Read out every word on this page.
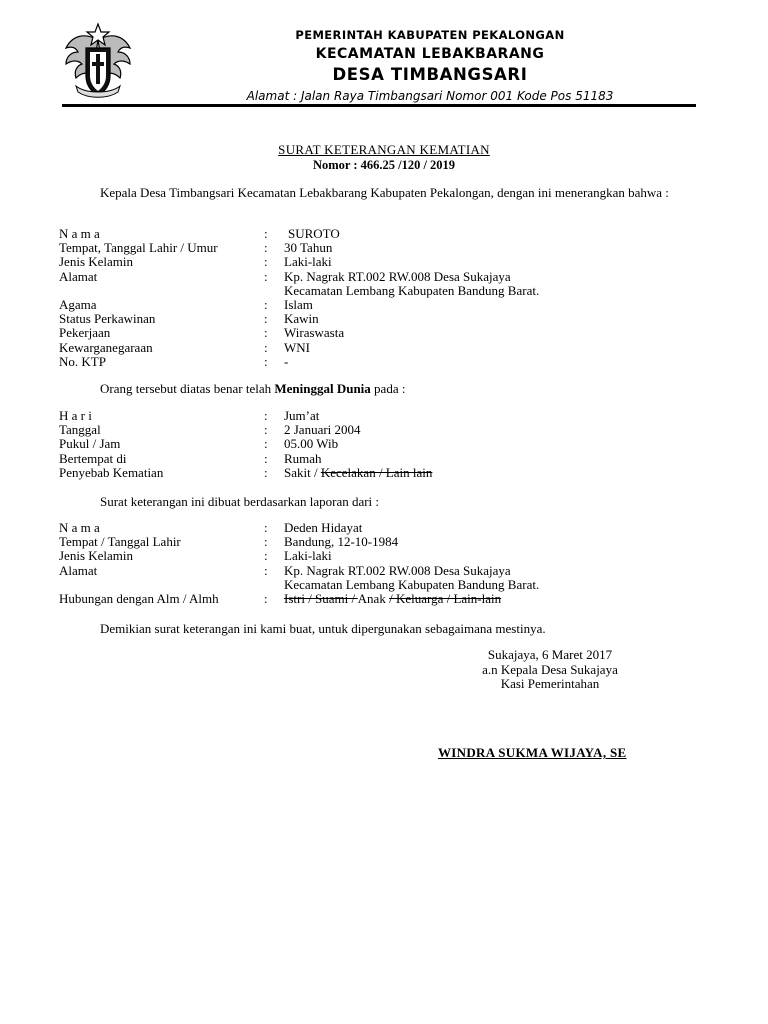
PEMERINTAH KABUPATEN PEKALONGAN
KECAMATAN LEBAKBARANG
DESA TIMBANGSARI
Alamat : Jalan Raya Timbangsari Nomor 001 Kode Pos 51183
SURAT KETERANGAN KEMATIAN
Nomor : 466.25 /120 / 2019
Kepala Desa Timbangsari Kecamatan Lebakbarang Kabupaten Pekalongan, dengan ini menerangkan bahwa :
N a m a	:	SUROTO
Tempat, Tanggal Lahir / Umur	:	30 Tahun
Jenis Kelamin	:	Laki-laki
Alamat	:	Kp. Nagrak RT.002 RW.008 Desa Sukajaya
Kecamatan Lembang Kabupaten Bandung Barat.

Agama	:	Islam
Status Perkawinan	:	Kawin
Pekerjaan	:	Wiraswasta
Kewarganegaraan	:	WNI
No. KTP	:	-
Orang tersebut diatas benar telah Meninggal Dunia pada :
H a r i	:	Jum’at
Tanggal	:	2 Januari 2004
Pukul / Jam	:	05.00 Wib
Bertempat di	:	Rumah
Penyebab Kematian	:	Sakit / Kecelakan / Lain lain
Surat keterangan ini dibuat berdasarkan laporan dari :
N a m a	:	Deden Hidayat
Tempat / Tanggal Lahir	:	Bandung, 12-10-1984
Jenis Kelamin	:	Laki-laki
Alamat	:	Kp. Nagrak RT.002 RW.008 Desa Sukajaya
Kecamatan Lembang Kabupaten Bandung Barat.

Hubungan dengan Alm / Almh	:	Istri / Suami / Anak / Keluarga / Lain-lain
Demikian surat keterangan ini kami buat, untuk dipergunakan sebagaimana mestinya.
Sukajaya, 6 Maret 2017
a.n Kepala Desa Sukajaya
Kasi Pemerintahan
WINDRA SUKMA WIJAYA, SE
